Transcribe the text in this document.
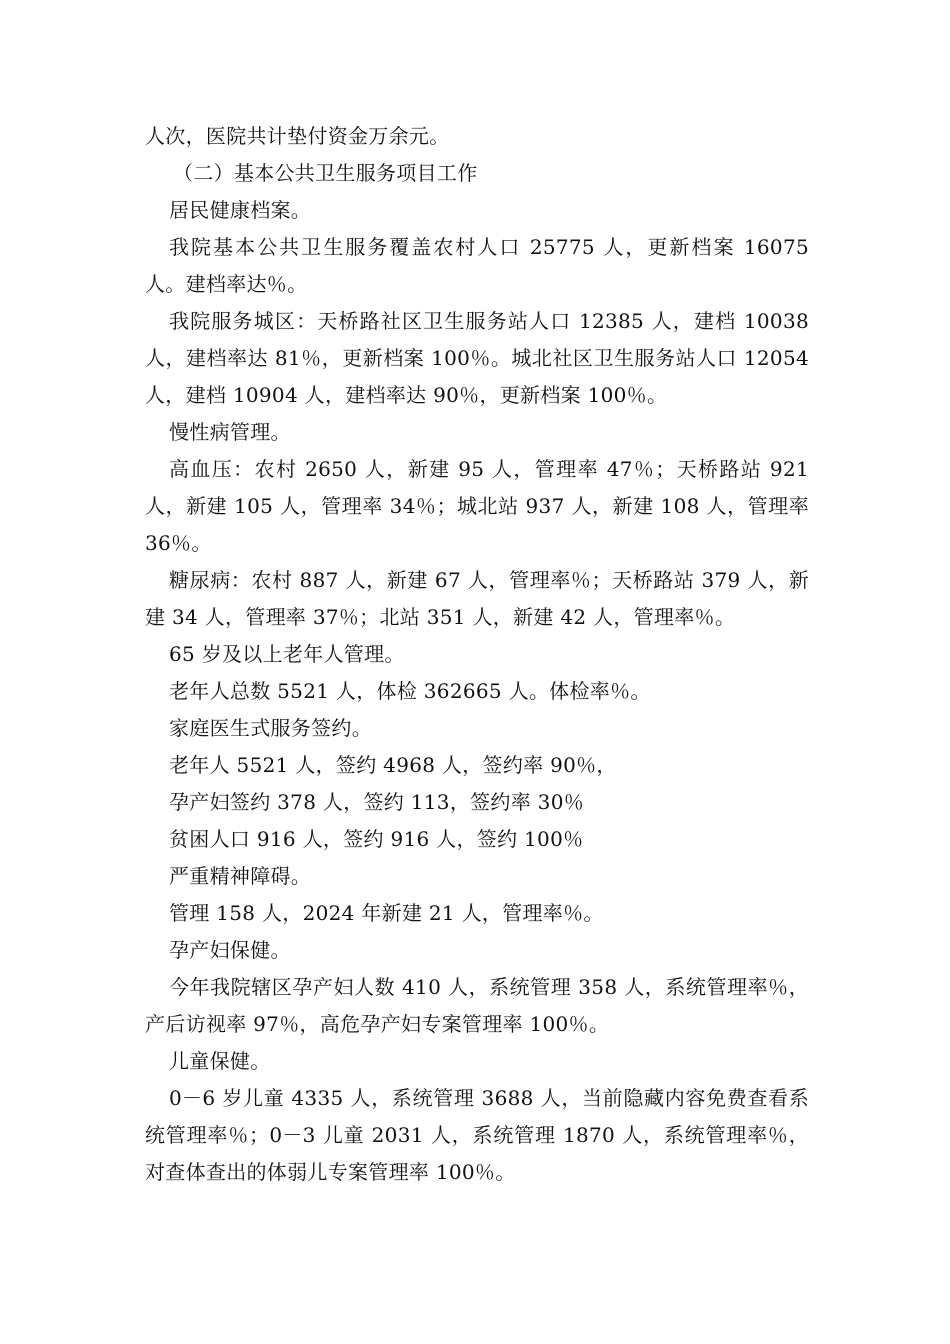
人次，医院共计垫付资金万余元。

（二）基本公共卫生服务项目工作

居民健康档案。

我院基本公共卫生服务覆盖农村人口 25775 人，更新档案 16075 人。建档率达％。

我院服务城区：天桥路社区卫生服务站人口 12385 人，建档 10038 人，建档率达 81％，更新档案 100％。城北社区卫生服务站人口 12054 人，建档 10904 人，建档率达 90％，更新档案 100％。

慢性病管理。

高血压：农村 2650 人，新建 95 人，管理率 47％；天桥路站 921 人，新建 105 人，管理率 34％；城北站 937 人，新建 108 人，管理率 36％。

糖尿病：农村 887 人，新建 67 人，管理率％；天桥路站 379 人，新建 34 人，管理率 37％；北站 351 人，新建 42 人，管理率％。

65 岁及以上老年人管理。

老年人总数 5521 人，体检 362665 人。体检率％。

家庭医生式服务签约。

老年人 5521 人，签约 4968 人，签约率 90％，

孕产妇签约 378 人，签约 113，签约率 30％

贫困人口 916 人，签约 916 人，签约 100％

严重精神障碍。

管理 158 人，2024 年新建 21 人，管理率％。

孕产妇保健。

今年我院辖区孕产妇人数 410 人，系统管理 358 人，系统管理率％，产后访视率 97％，高危孕产妇专案管理率 100％。

儿童保健。

0－6 岁儿童 4335 人，系统管理 3688 人，当前隐藏内容免费查看系统管理率％；0－3 儿童 2031 人，系统管理 1870 人，系统管理率％，对查体查出的体弱儿专案管理率 100％。
